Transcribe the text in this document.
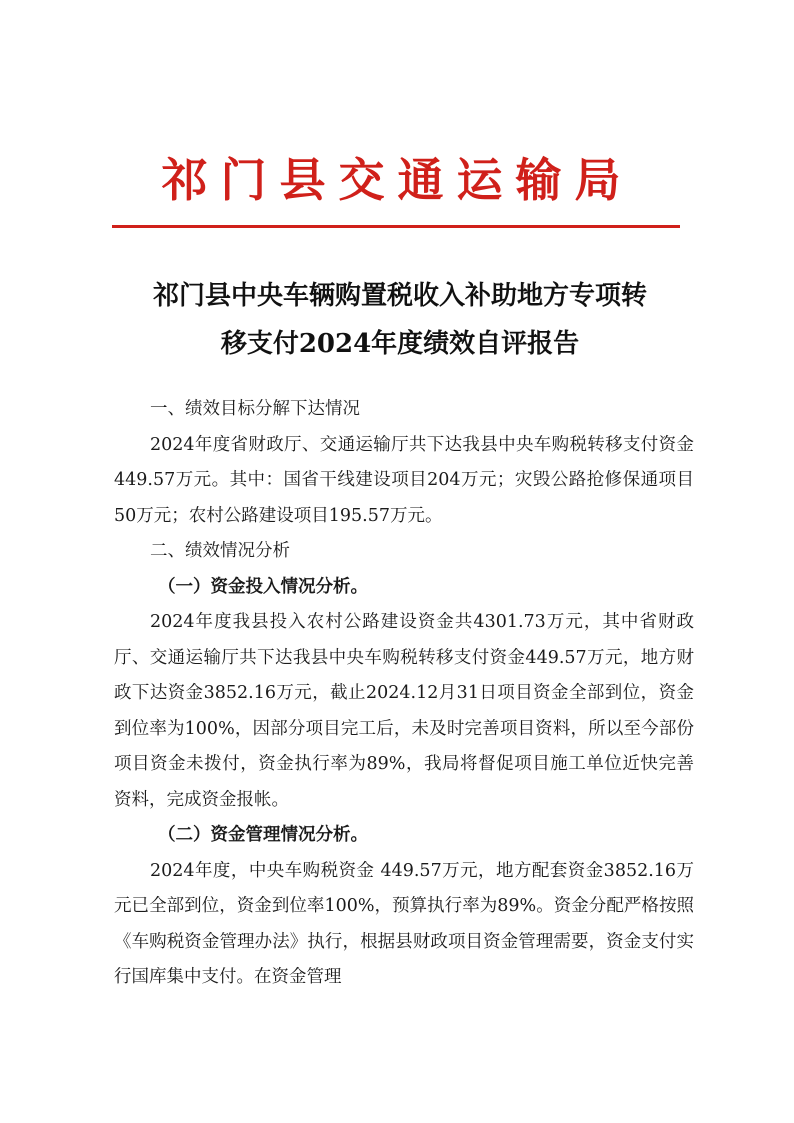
祁门县交通运输局
祁门县中央车辆购置税收入补助地方专项转
移支付2024年度绩效自评报告
一、绩效目标分解下达情况
2024年度省财政厅、交通运输厅共下达我县中央车购税转移支付资金449.57万元。其中：国省干线建设项目204万元；灾毁公路抢修保通项目50万元；农村公路建设项目195.57万元。
二、绩效情况分析
（一）资金投入情况分析。
2024年度我县投入农村公路建设资金共4301.73万元，其中省财政厅、交通运输厅共下达我县中央车购税转移支付资金449.57万元，地方财政下达资金3852.16万元，截止2024.12月31日项目资金全部到位，资金到位率为100%，因部分项目完工后，未及时完善项目资料，所以至今部份项目资金未拨付，资金执行率为89%，我局将督促项目施工单位近快完善资料，完成资金报帐。
（二）资金管理情况分析。
2024年度，中央车购税资金 449.57万元，地方配套资金3852.16万元已全部到位，资金到位率100%，预算执行率为89%。资金分配严格按照《车购税资金管理办法》执行，根据县财政项目资金管理需要，资金支付实行国库集中支付。在资金管理
